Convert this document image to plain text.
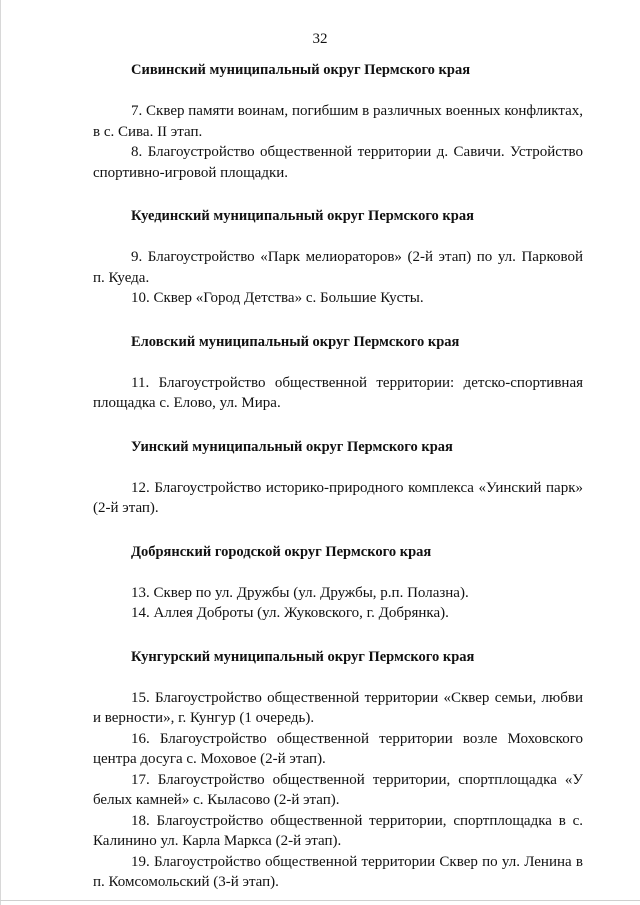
32

Сивинский муниципальный округ Пермского края

7. Сквер памяти воинам, погибшим в различных военных конфликтах, в с. Сива. II этап.

8. Благоустройство общественной территории д. Савичи. Устройство спортивно-игровой площадки.

Куединский муниципальный округ Пермского края

9. Благоустройство «Парк мелиораторов» (2-й этап) по ул. Парковой п. Куеда.

10. Сквер «Город Детства» с. Большие Кусты.

Еловский муниципальный округ Пермского края

11. Благоустройство общественной территории: детско-спортивная площадка с. Елово, ул. Мира.

Уинский муниципальный округ Пермского края

12. Благоустройство историко-природного комплекса «Уинский парк» (2-й этап).

Добрянский городской округ Пермского края

13. Сквер по ул. Дружбы (ул. Дружбы, р.п. Полазна).

14. Аллея Доброты (ул. Жуковского, г. Добрянка).

Кунгурский муниципальный округ Пермского края

15. Благоустройство общественной территории «Сквер семьи, любви и верности», г. Кунгур (1 очередь).

16. Благоустройство общественной территории возле Моховского центра досуга с. Моховое (2-й этап).

17. Благоустройство общественной территории, спортплощадка «У белых камней» с. Кыласово (2-й этап).

18. Благоустройство общественной территории, спортплощадка в с. Калинино ул. Карла Маркса (2-й этап).

19. Благоустройство общественной территории Сквер по ул. Ленина в п. Комсомольский (3-й этап).
